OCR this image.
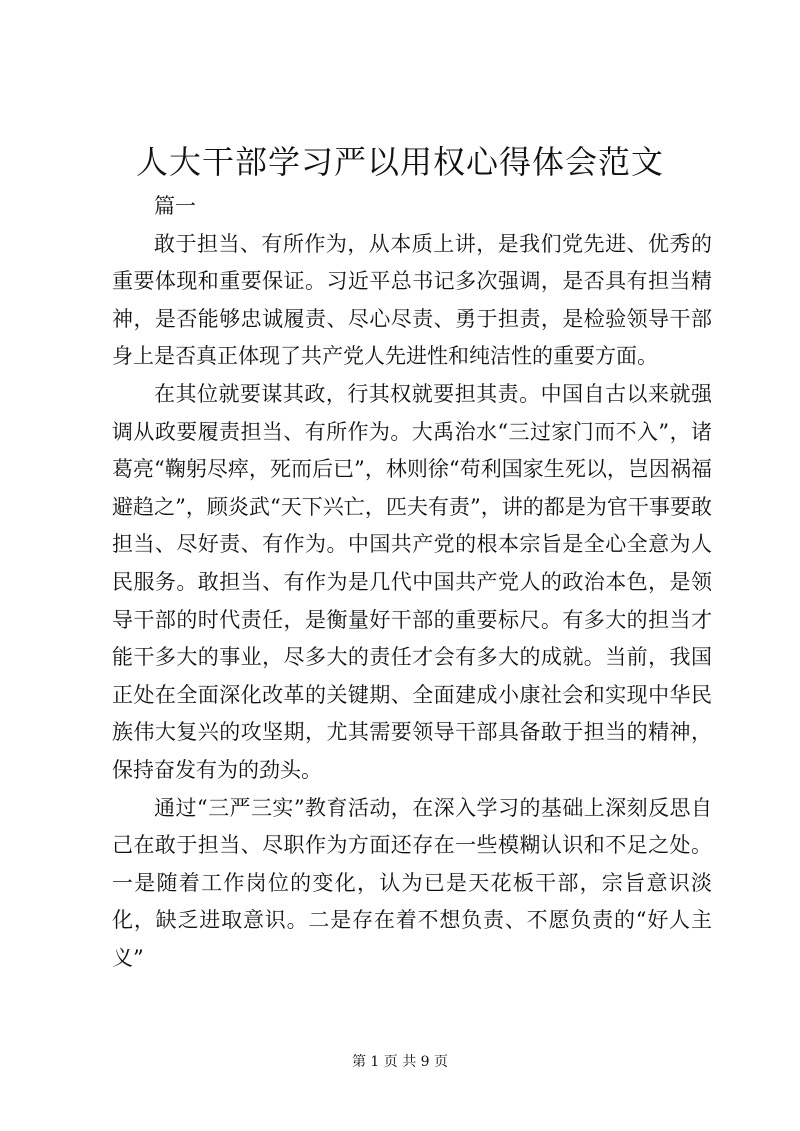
人大干部学习严以用权心得体会范文

篇一

敢于担当、有所作为，从本质上讲，是我们党先进、优秀的重要体现和重要保证。习近平总书记多次强调，是否具有担当精神，是否能够忠诚履责、尽心尽责、勇于担责，是检验领导干部身上是否真正体现了共产党人先进性和纯洁性的重要方面。

在其位就要谋其政，行其权就要担其责。中国自古以来就强调从政要履责担当、有所作为。大禹治水“三过家门而不入”，诸葛亮“鞠躬尽瘁，死而后已”，林则徐“苟利国家生死以，岂因祸福避趋之”，顾炎武“天下兴亡，匹夫有责”，讲的都是为官干事要敢担当、尽好责、有作为。中国共产党的根本宗旨是全心全意为人民服务。敢担当、有作为是几代中国共产党人的政治本色，是领导干部的时代责任，是衡量好干部的重要标尺。有多大的担当才能干多大的事业，尽多大的责任才会有多大的成就。当前，我国正处在全面深化改革的关键期、全面建成小康社会和实现中华民族伟大复兴的攻坚期，尤其需要领导干部具备敢于担当的精神，保持奋发有为的劲头。

通过“三严三实”教育活动，在深入学习的基础上深刻反思自己在敢于担当、尽职作为方面还存在一些模糊认识和不足之处。一是随着工作岗位的变化，认为已是天花板干部，宗旨意识淡化，缺乏进取意识。二是存在着不想负责、不愿负责的“好人主义”

第 1 页 共 9 页
